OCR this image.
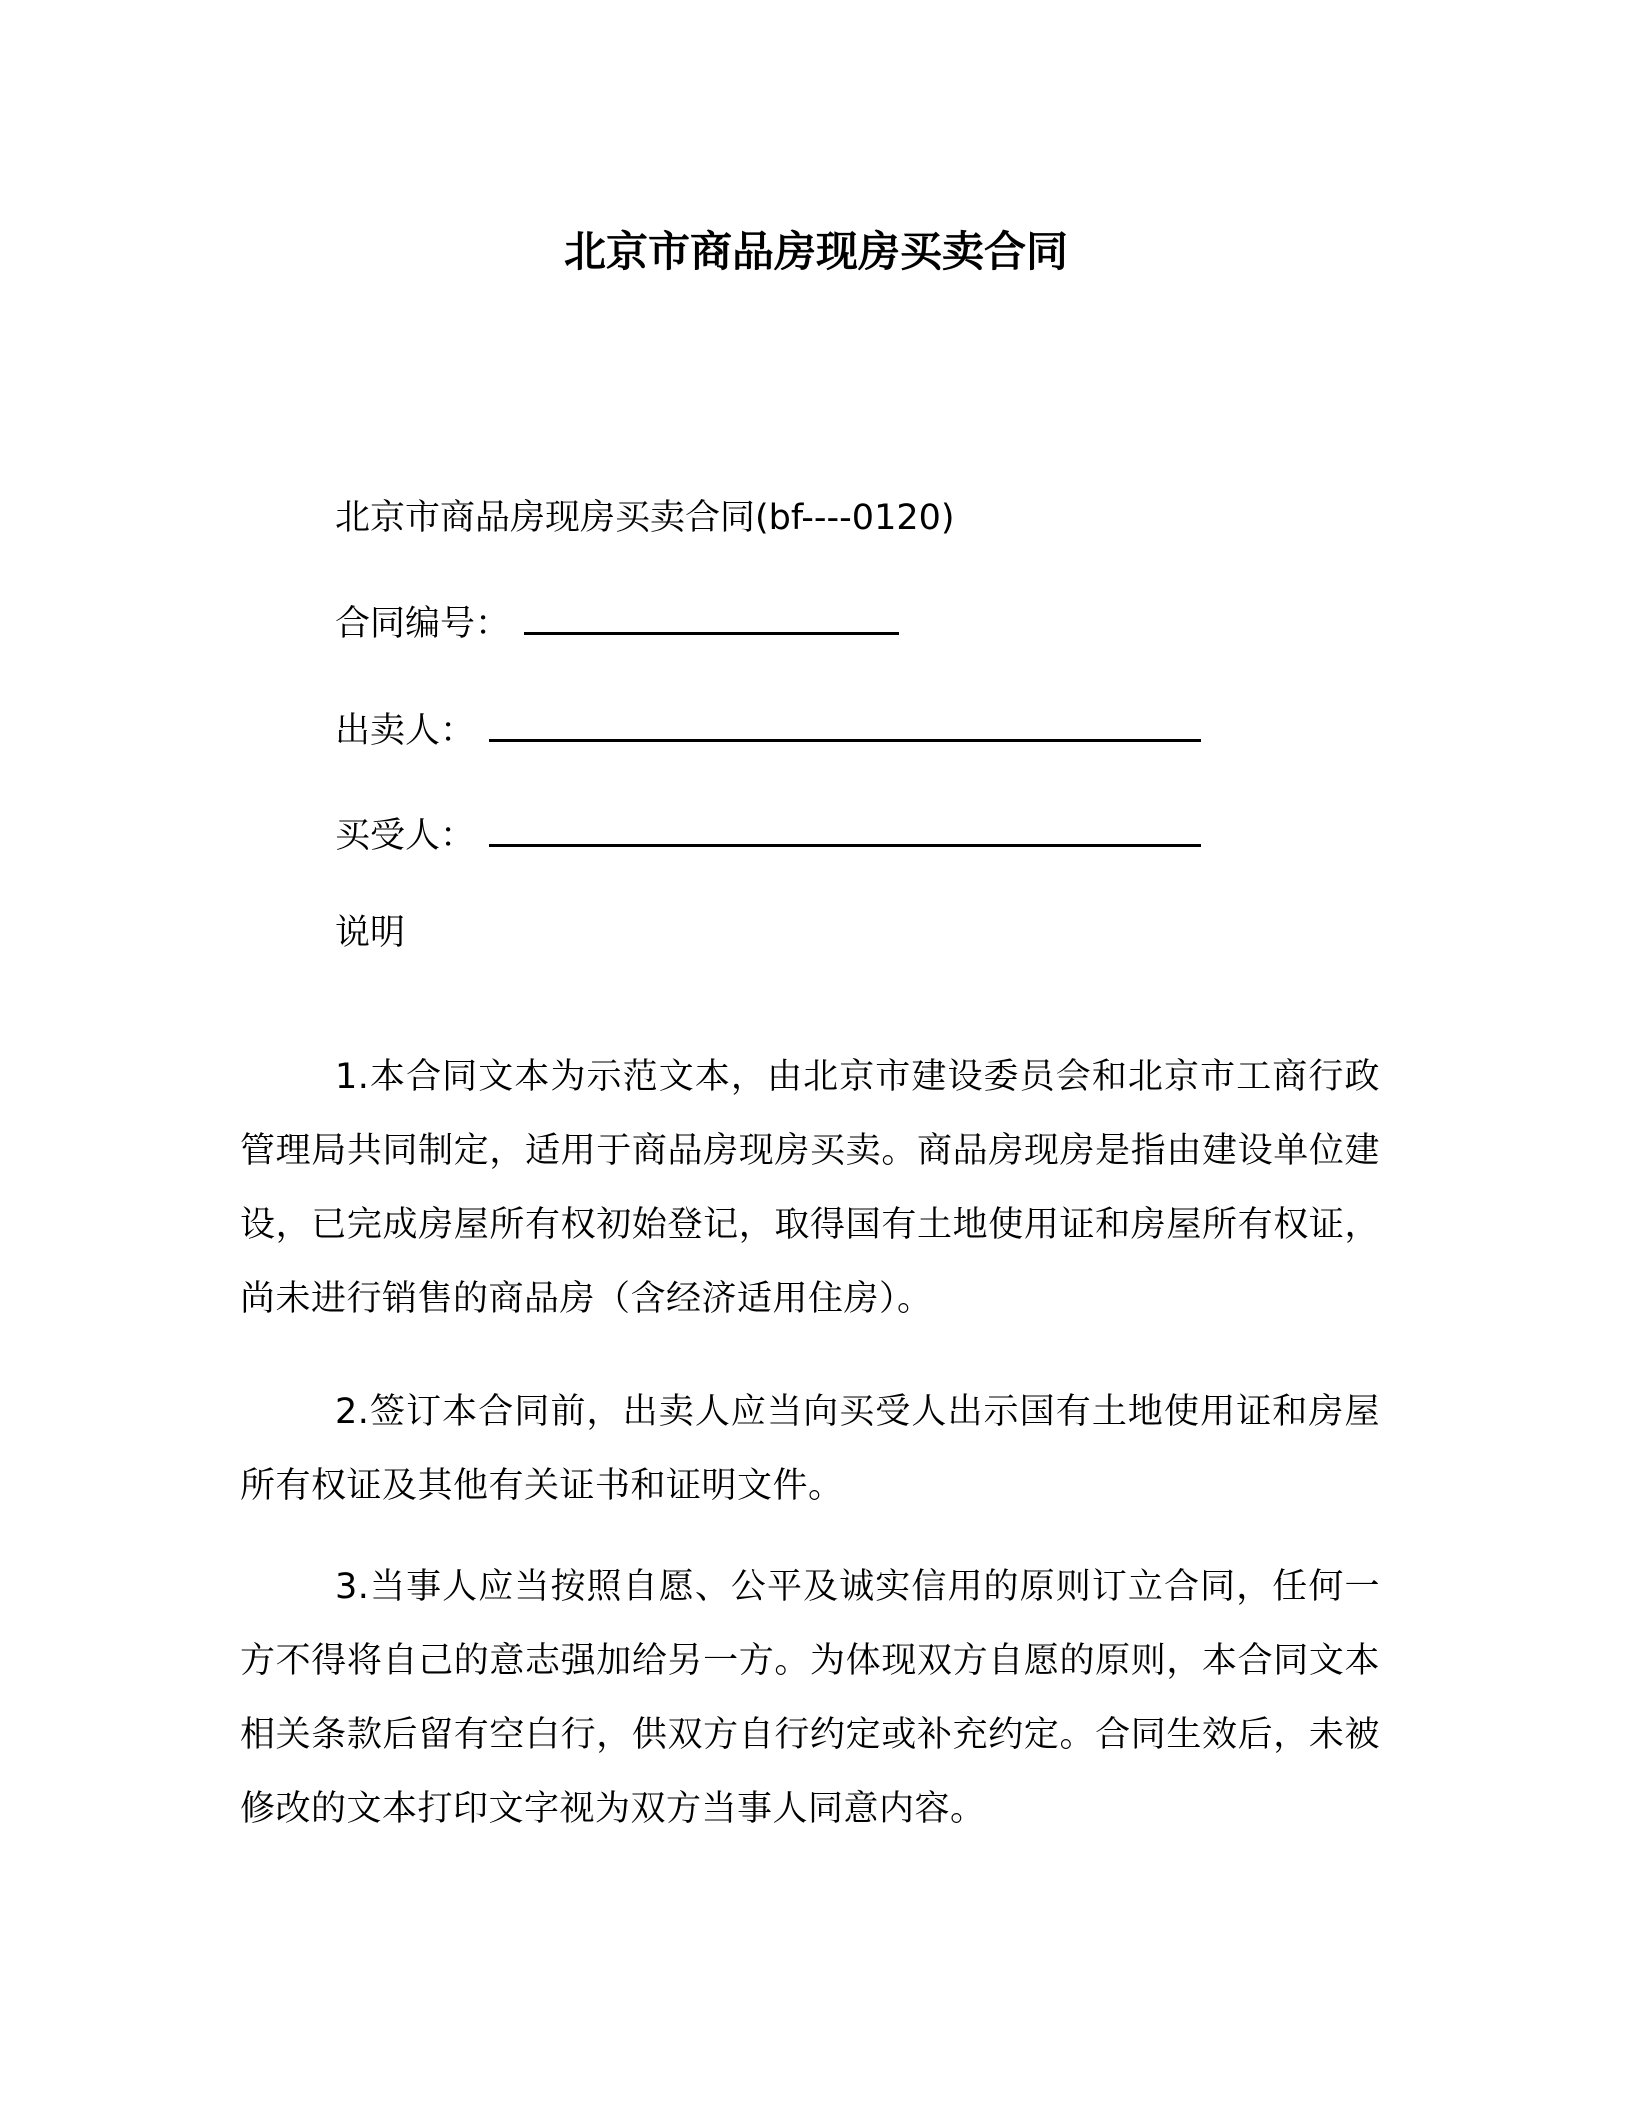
北京市商品房现房买卖合同
北京市商品房现房买卖合同(bf----0120)
合同编号：
出卖人：
买受人：
说明

1.本合同文本为示范文本，由北京市建设委员会和北京市工商行政管理局共同制定，适用于商品房现房买卖。商品房现房是指由建设单位建设，已完成房屋所有权初始登记，取得国有土地使用证和房屋所有权证，尚未进行销售的商品房（含经济适用住房）。

2.签订本合同前，出卖人应当向买受人出示国有土地使用证和房屋所有权证及其他有关证书和证明文件。

3.当事人应当按照自愿、公平及诚实信用的原则订立合同，任何一方不得将自己的意志强加给另一方。为体现双方自愿的原则，本合同文本相关条款后留有空白行，供双方自行约定或补充约定。合同生效后，未被修改的文本打印文字视为双方当事人同意内容。
